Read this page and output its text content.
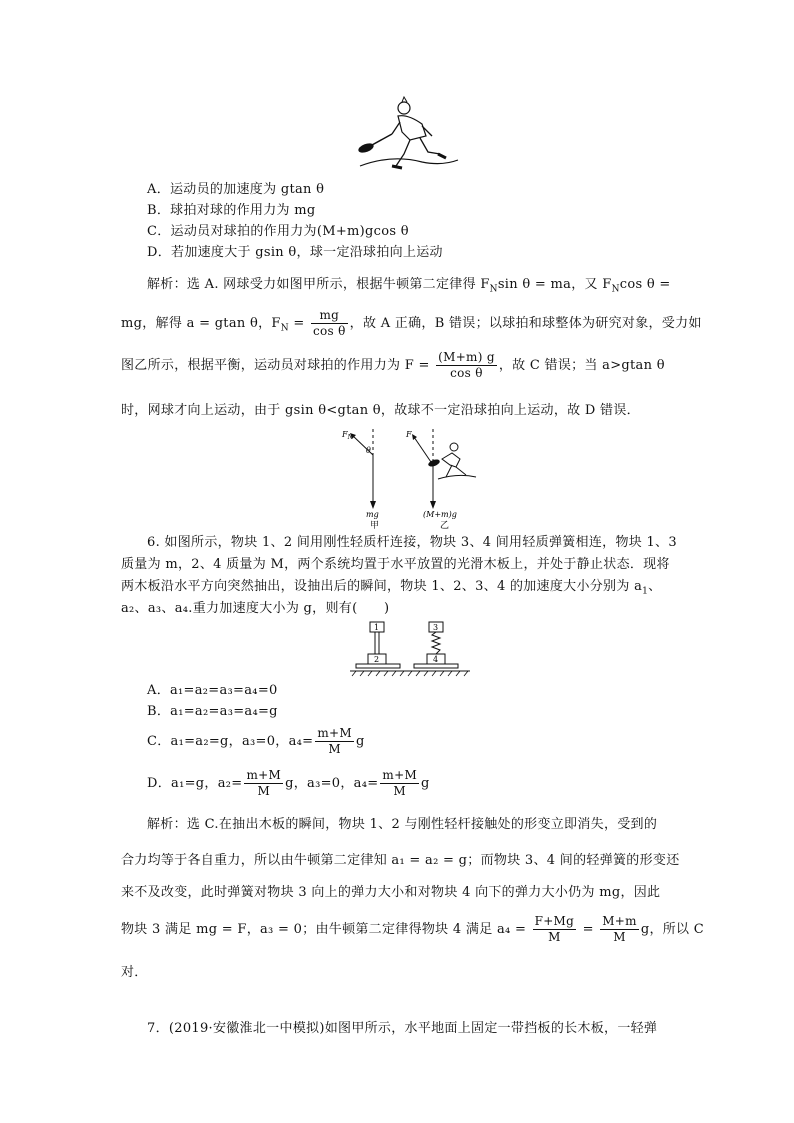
A．运动员的加速度为 gtan θ
B．球拍对球的作用力为 mg
C．运动员对球拍的作用力为(M+m)gcos θ
D．若加速度大于 gsin θ，球一定沿球拍向上运动
解析：选 A. 网球受力如图甲所示，根据牛顿第二定律得 $F_N\sin$ θ = ma，又 $F_N\cos$ θ =
mg，解得 a = gtan θ，$F_N = \frac{mg}{\text{cos θ}}$ ，故 A 正确，B 错误；以球拍和球整体为研究对象，受力如
图乙所示，根据平衡，运动员对球拍的作用力为 $F = \frac{(M+m) g}{\text{cos θ}}$ ，故 C 错误；当 a>gtan θ
时，网球才向上运动，由于 gsin θ<gtan θ，故球不一定沿球拍向上运动，故 D 错误．
$F_N$
θ
mg
甲
F
(M+m)g
乙
6. 如图所示，物块 1、2 间用刚性轻质杆连接，物块 3、4 间用轻质弹簧相连，物块 1、3
质量为 m，2、4 质量为 M，两个系统均置于水平放置的光滑木板上，并处于静止状态．现将
两木板沿水平方向突然抽出，设抽出后的瞬间，物块 1、2、3、4 的加速度大小分别为 $a_1$、
a₂、a₃、a₄.重力加速度大小为 g，则有(　　)
1
2
3
4
A．a₁=a₂=a₃=a₄=0
B．a₁=a₂=a₃=a₄=g
C．a₁=a₂=g，a₃=0，$a_4= \frac{m+M}{M}$ g
D．a₁=g，$a_2= \frac{m+M}{M}$ g，a₃=0，$a_4= \frac{m+M}{M}$ g
解析：选 C.在抽出木板的瞬间，物块 1、2 与刚性轻杆接触处的形变立即消失，受到的
合力均等于各自重力，所以由牛顿第二定律知 a₁ = a₂ = g；而物块 3、4 间的轻弹簧的形变还
来不及改变，此时弹簧对物块 3 向上的弹力大小和对物块 4 向下的弹力大小仍为 mg，因此
物块 3 满足 mg = F，a₃ = 0；由牛顿第二定律得物块 4 满足 $a_4 = \frac{F+Mg}{M} = \frac{M+m}{M}$ g，所以 C
对．
7．(2019·安徽淮北一中模拟)如图甲所示，水平地面上固定一带挡板的长木板，一轻弹
